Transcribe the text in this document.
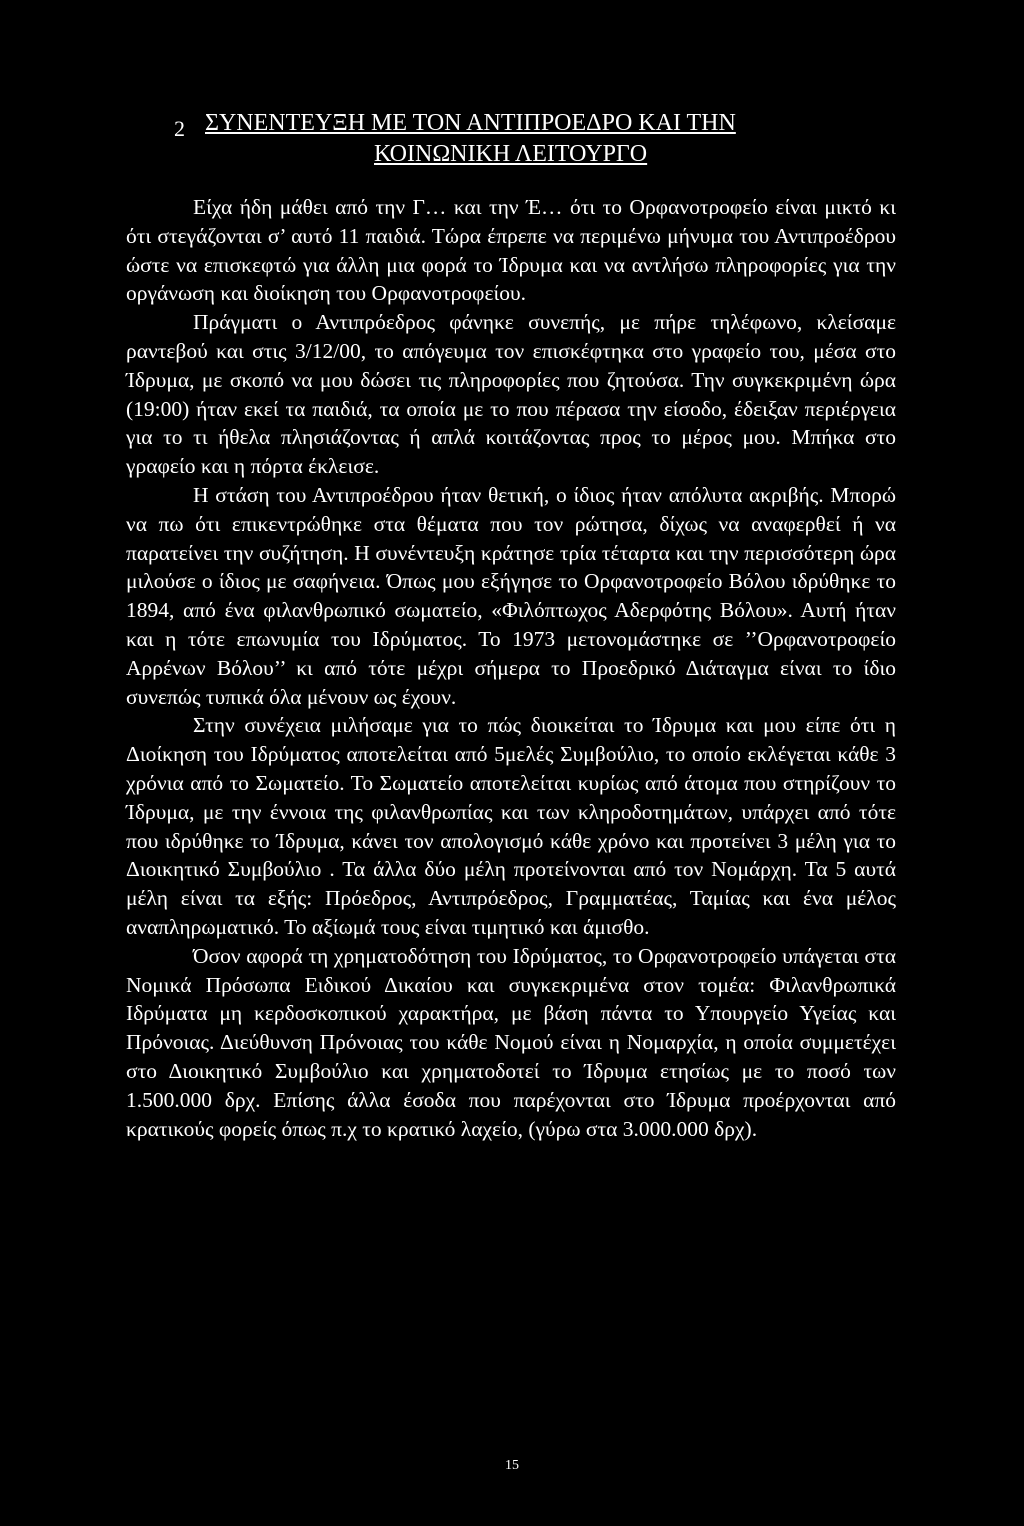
2 ΣΥΝΕΝΤΕΥΞΗ ΜΕ ΤΟΝ ΑΝΤΙΠΡΟΕΔΡΟ ΚΑΙ ΤΗΝ
ΚΟΙΝΩΝΙΚΗ ΛΕΙΤΟΥΡΓΟ

Είχα ήδη μάθει από την Γ… και την Έ… ότι το Ορφανοτροφείο είναι μικτό κι ότι στεγάζονται σ’ αυτό 11 παιδιά. Τώρα έπρεπε να περιμένω μήνυμα του Αντιπροέδρου ώστε να επισκεφτώ για άλλη μια φορά το Ίδρυμα και να αντλήσω πληροφορίες για την οργάνωση και διοίκηση του Ορφανοτροφείου.

Πράγματι ο Αντιπρόεδρος φάνηκε συνεπής, με πήρε τηλέφωνο, κλείσαμε ραντεβού και στις 3/12/00, το απόγευμα τον επισκέφτηκα στο γραφείο του, μέσα στο Ίδρυμα, με σκοπό να μου δώσει τις πληροφορίες που ζητούσα. Την συγκεκριμένη ώρα (19:00) ήταν εκεί τα παιδιά, τα οποία με το που πέρασα την είσοδο, έδειξαν περιέργεια για το τι ήθελα πλησιάζοντας ή απλά κοιτάζοντας προς το μέρος μου. Μπήκα στο γραφείο και η πόρτα έκλεισε.

Η στάση του Αντιπροέδρου ήταν θετική, ο ίδιος ήταν απόλυτα ακριβής. Μπορώ να πω ότι επικεντρώθηκε στα θέματα που τον ρώτησα, δίχως να αναφερθεί ή να παρατείνει την συζήτηση. Η συνέντευξη κράτησε τρία τέταρτα και την περισσότερη ώρα μιλούσε ο ίδιος με σαφήνεια. Όπως μου εξήγησε το Ορφανοτροφείο Βόλου ιδρύθηκε το 1894, από ένα φιλανθρωπικό σωματείο, «Φιλόπτωχος Αδερφότης Βόλου». Αυτή ήταν και η τότε επωνυμία του Ιδρύματος. Το 1973 μετονομάστηκε σε ’’Ορφανοτροφείο Αρρένων Βόλου’’ κι από τότε μέχρι σήμερα το Προεδρικό Διάταγμα είναι το ίδιο συνεπώς τυπικά όλα μένουν ως έχουν.

Στην συνέχεια μιλήσαμε για το πώς διοικείται το Ίδρυμα και μου είπε ότι η Διοίκηση του Ιδρύματος αποτελείται από 5μελές Συμβούλιο, το οποίο εκλέγεται κάθε 3 χρόνια από το Σωματείο. Το Σωματείο αποτελείται κυρίως από άτομα που στηρίζουν το Ίδρυμα, με την έννοια της φιλανθρωπίας και των κληροδοτημάτων, υπάρχει από τότε που ιδρύθηκε το Ίδρυμα, κάνει τον απολογισμό κάθε χρόνο και προτείνει 3 μέλη για το Διοικητικό Συμβούλιο . Τα άλλα δύο μέλη προτείνονται από τον Νομάρχη. Τα 5 αυτά μέλη είναι τα εξής: Πρόεδρος, Αντιπρόεδρος, Γραμματέας, Ταμίας και ένα μέλος αναπληρωματικό. Το αξίωμά τους είναι τιμητικό και άμισθο.

Όσον αφορά τη χρηματοδότηση του Ιδρύματος, το Ορφανοτροφείο υπάγεται στα Νομικά Πρόσωπα Ειδικού Δικαίου και συγκεκριμένα στον τομέα: Φιλανθρωπικά Ιδρύματα μη κερδοσκοπικού χαρακτήρα, με βάση πάντα το Υπουργείο Υγείας και Πρόνοιας. Διεύθυνση Πρόνοιας του κάθε Νομού είναι η Νομαρχία, η οποία συμμετέχει στο Διοικητικό Συμβούλιο και χρηματοδοτεί το Ίδρυμα ετησίως με το ποσό των 1.500.000 δρχ. Επίσης άλλα έσοδα που παρέχονται στο Ίδρυμα προέρχονται από κρατικούς φορείς όπως π.χ το κρατικό λαχείο, (γύρω στα 3.000.000 δρχ).

15
